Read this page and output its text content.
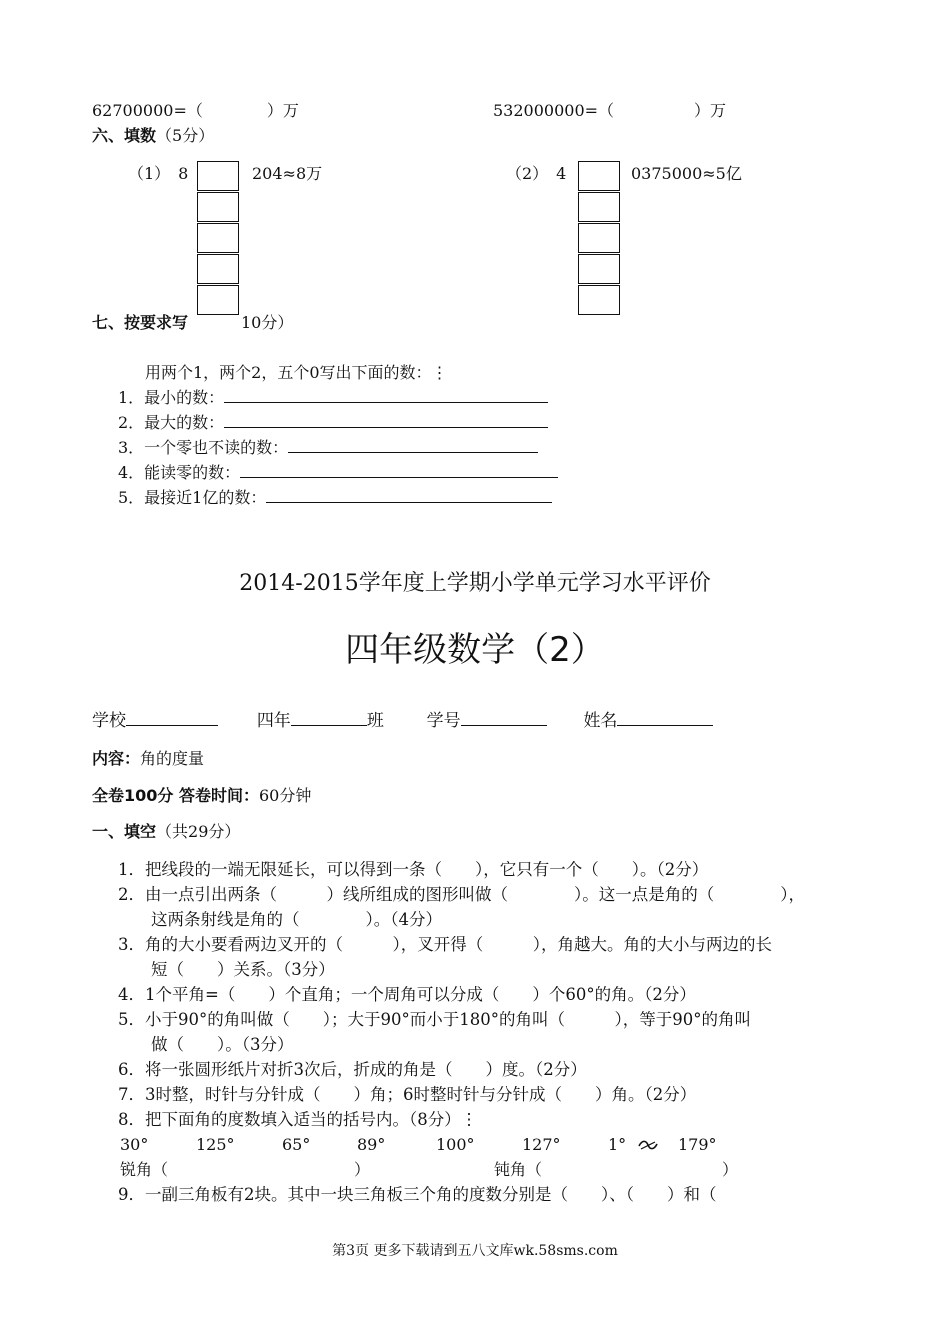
62700000=（　　　　）万	532000000=（　　　　　）万
六、填数（5分）
（1）　8	204≈8万	（2）　4	0375000≈5亿
七、按要求写	10分）
用两个1，两个2，五个0写出下面的数：⋮
1．最小的数：
2．最大的数：
3．一个零也不读的数：
4．能读零的数：
5．最接近1亿的数：
2014-2015学年度上学期小学单元学习水平评价
四年级数学（2）
学校	四年	班	学号	姓名
内容：角的度量
全卷100分 答卷时间：60分钟
一、填空（共29分）
1．把线段的一端无限延长，可以得到一条（　　），它只有一个（　　）。（2分）
2．由一点引出两条（　　　）线所组成的图形叫做（　　　　）。这一点是角的（　　　　），
　　这两条射线是角的（　　　　）。（4分）
3．角的大小要看两边叉开的（　　　），叉开得（　　　），角越大。角的大小与两边的长
　　短（　　）关系。（3分）
4．1个平角=（　　）个直角；一个周角可以分成（　　）个60°的角。（2分）
5．小于90°的角叫做（　　）；大于90°而小于180°的角叫（　　　），等于90°的角叫
　　做（　　）。（3分）
6．将一张圆形纸片对折3次后，折成的角是（　　）度。（2分）
7．3时整，时针与分针成（　　）角；6时整时针与分针成（　　）角。（2分）
8．把下面角的度数填入适当的括号内。（8分）⋮
30°	125°	65°	89°	100°	127°	1°	179°
锐角（	）	钝角（	）
9．一副三角板有2块。其中一块三角板三个角的度数分别是（　　）、（　　）和（
第3页 更多下载请到五八文库wk.58sms.com
